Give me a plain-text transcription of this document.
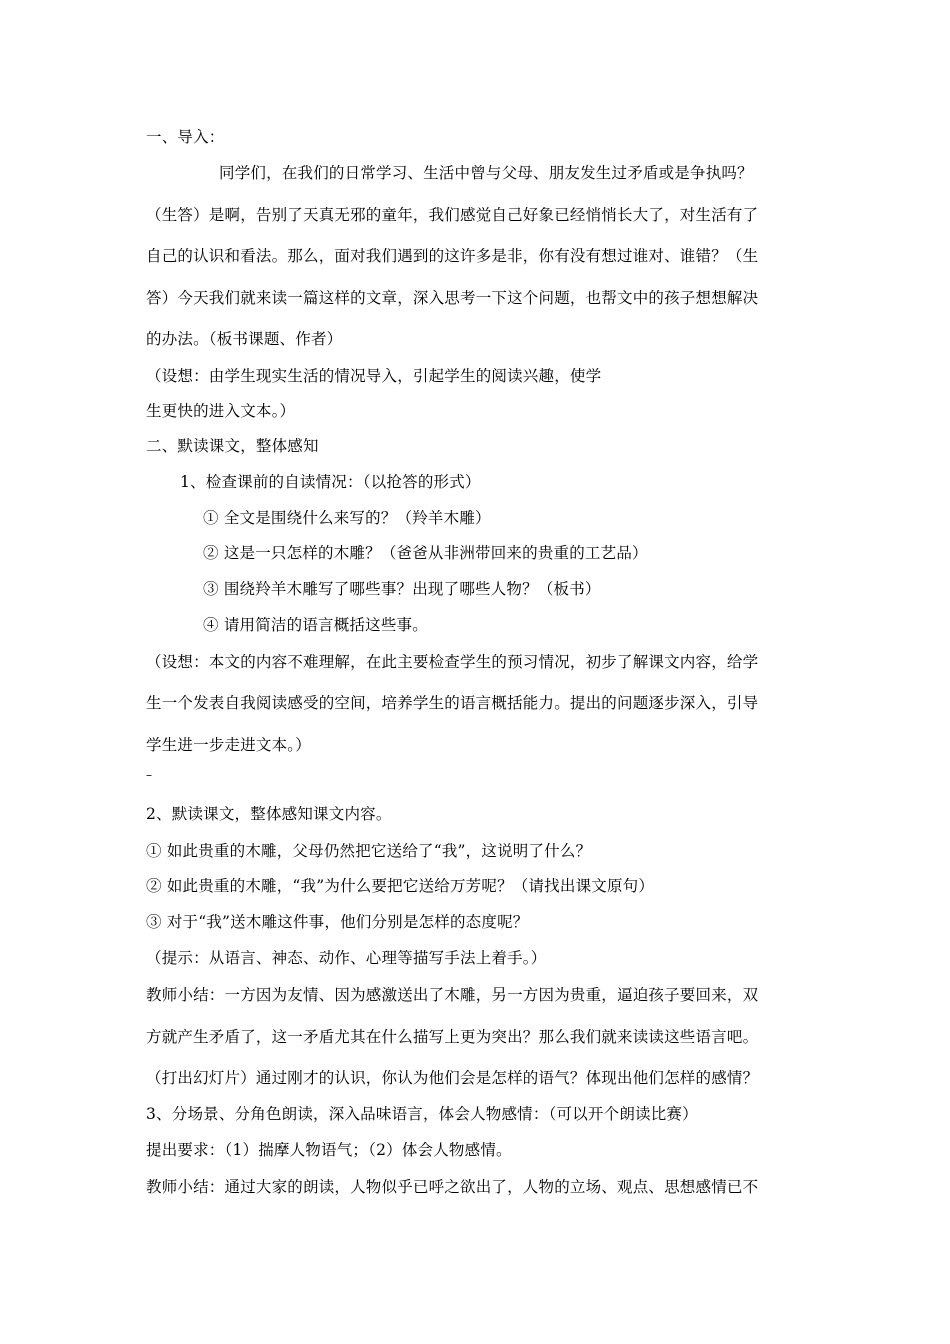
一、导入：
同学们，在我们的日常学习、生活中曾与父母、朋友发生过矛盾或是争执吗？
（生答）是啊，告别了天真无邪的童年，我们感觉自己好象已经悄悄长大了，对生活有了
自己的认识和看法。那么，面对我们遇到的这许多是非，你有没有想过谁对、谁错？（生
答）今天我们就来读一篇这样的文章，深入思考一下这个问题，也帮文中的孩子想想解决
的办法。（板书课题、作者）
（设想：由学生现实生活的情况导入，引起学生的阅读兴趣，使学
生更快的进入文本。）
二、默读课文，整体感知
1、检查课前的自读情况：（以抢答的形式）
① 全文是围绕什么来写的？（羚羊木雕）
② 这是一只怎样的木雕？（爸爸从非洲带回来的贵重的工艺品）
③ 围绕羚羊木雕写了哪些事？出现了哪些人物？（板书）
④ 请用简洁的语言概括这些事。
（设想：本文的内容不难理解，在此主要检查学生的预习情况，初步了解课文内容，给学
生一个发表自我阅读感受的空间，培养学生的语言概括能力。提出的问题逐步深入，引导
学生进一步走进文本。）
–
2、默读课文，整体感知课文内容。
① 如此贵重的木雕，父母仍然把它送给了“我”，这说明了什么？
② 如此贵重的木雕，“我”为什么要把它送给万芳呢？（请找出课文原句）
③ 对于“我”送木雕这件事，他们分别是怎样的态度呢？
（提示：从语言、神态、动作、心理等描写手法上着手。）
教师小结：一方因为友情、因为感激送出了木雕，另一方因为贵重，逼迫孩子要回来，双
方就产生矛盾了，这一矛盾尤其在什么描写上更为突出？那么我们就来读读这些语言吧。
（打出幻灯片）通过刚才的认识，你认为他们会是怎样的语气？体现出他们怎样的感情？
3、分场景、分角色朗读，深入品味语言，体会人物感情：（可以开个朗读比赛）
提出要求：（1）揣摩人物语气；（2）体会人物感情。
教师小结：通过大家的朗读，人物似乎已呼之欲出了，人物的立场、观点、思想感情已不
